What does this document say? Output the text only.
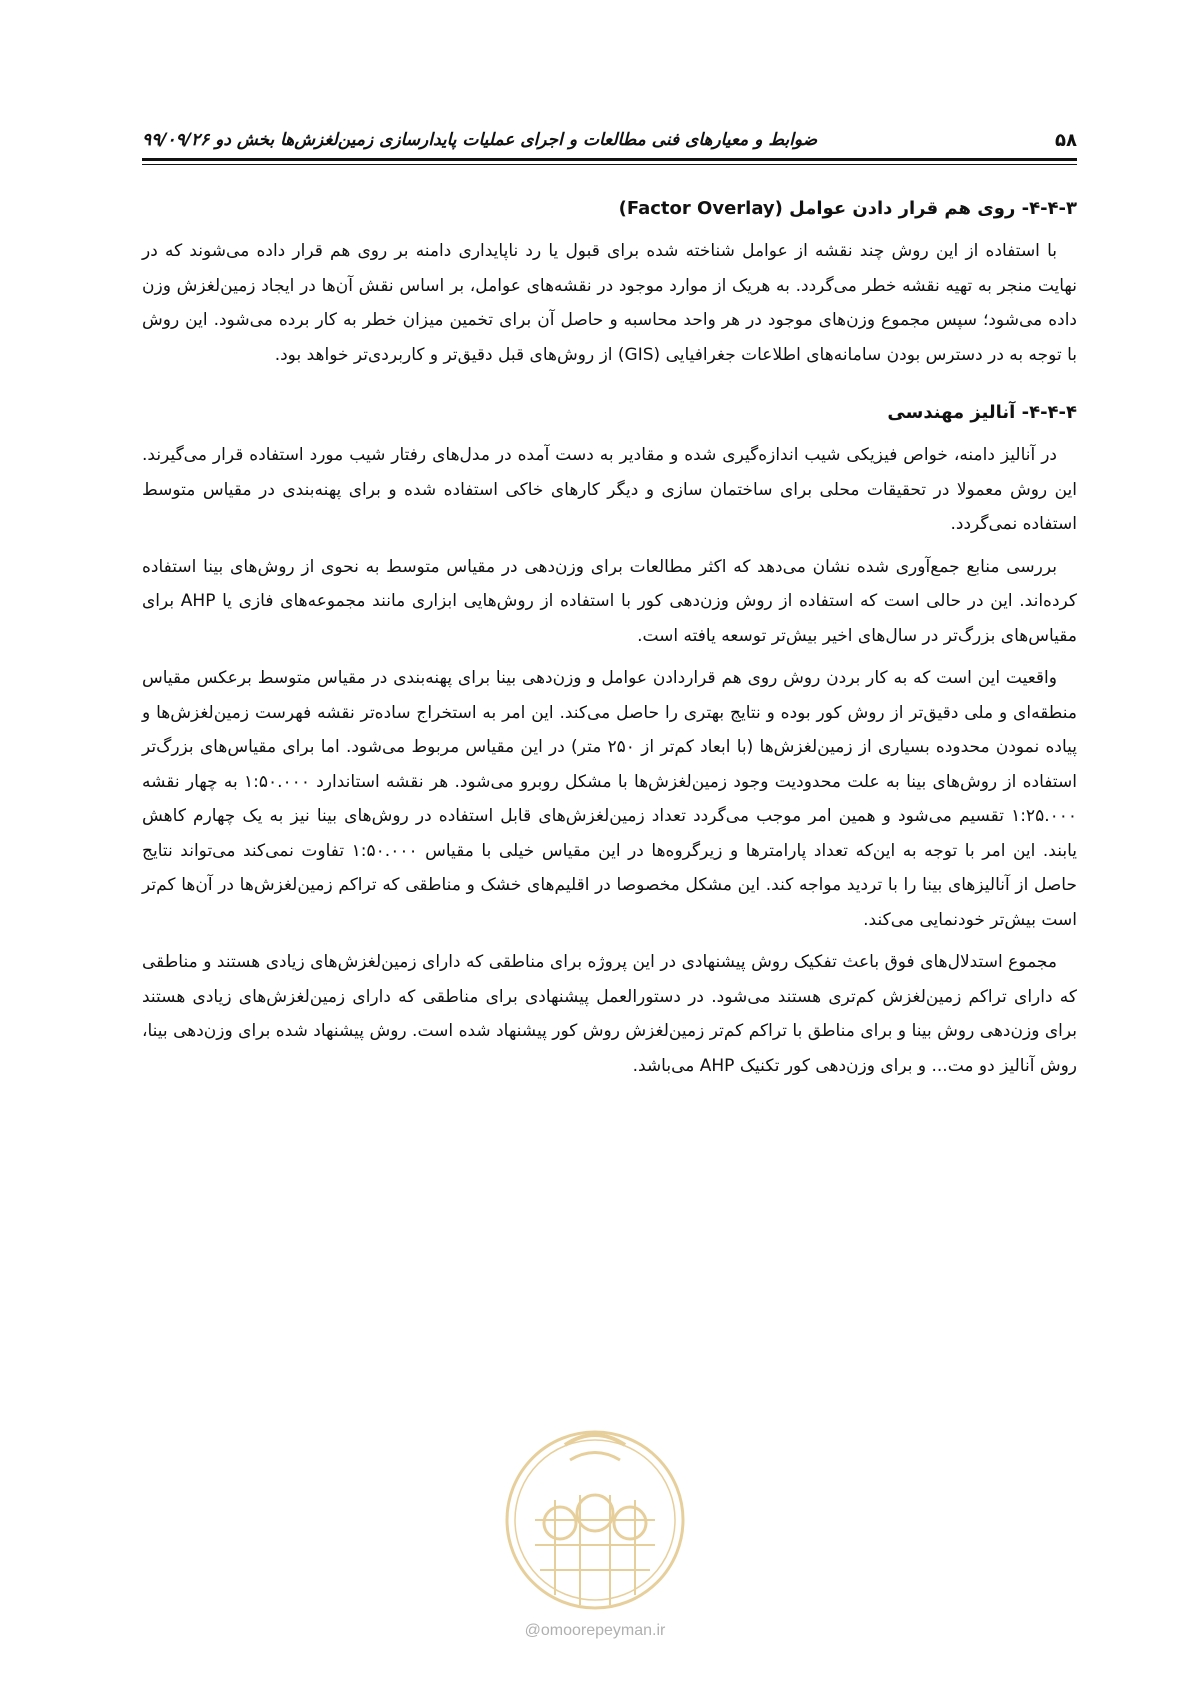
۵۸
ضوابط و معیارهای فنی مطالعات و اجرای عملیات پایدارسازی زمین‌لغزش‌ها بخش دو ۹۹/۰۹/۲۶
۴-۴-۳- روی هم قرار دادن عوامل (Factor Overlay)

با استفاده از این روش چند نقشه از عوامل شناخته شده برای قبول یا رد ناپایداری دامنه بر روی هم قرار داده می‌شوند که در نهایت منجر به تهیه نقشه خطر می‌گردد. به هریک از موارد موجود در نقشه‌های عوامل، بر اساس نقش آن‌ها در ایجاد زمین‌لغزش وزن داده می‌شود؛ سپس مجموع وزن‌های موجود در هر واحد محاسبه و حاصل آن برای تخمین میزان خطر به کار برده می‌شود. این روش با توجه به در دسترس بودن سامانه‌های اطلاعات جغرافیایی (GIS) از روش‌های قبل دقیق‌تر و کاربردی‌تر خواهد بود.

۴-۴-۴- آنالیز مهندسی

در آنالیز دامنه، خواص فیزیکی شیب اندازه‌گیری شده و مقادیر به دست آمده در مدل‌های رفتار شیب مورد استفاده قرار می‌گیرند. این روش معمولا در تحقیقات محلی برای ساختمان سازی و دیگر کارهای خاکی استفاده شده و برای پهنه‌بندی در مقیاس متوسط استفاده نمی‌گردد.

بررسی منابع جمع‌آوری شده نشان می‌دهد که اکثر مطالعات برای وزن‌دهی در مقیاس متوسط به نحوی از روش‌های بینا استفاده کرده‌اند. این در حالی است که استفاده از روش وزن‌دهی کور با استفاده از روش‌هایی ابزاری مانند مجموعه‌های فازی یا AHP برای مقیاس‌های بزرگ‌تر در سال‌های اخیر بیش‌تر توسعه یافته است.

واقعیت این است که به کار بردن روش روی هم قراردادن عوامل و وزن‌دهی بینا برای پهنه‌بندی در مقیاس متوسط برعکس مقیاس منطقه‌ای و ملی دقیق‌تر از روش کور بوده و نتایج بهتری را حاصل می‌کند. این امر به استخراج ساده‌تر نقشه فهرست زمین‌لغزش‌ها و پیاده نمودن محدوده بسیاری از زمین‌لغزش‌ها (با ابعاد کم‌تر از ۲۵۰ متر) در این مقیاس مربوط می‌شود. اما برای مقیاس‌های بزرگ‌تر استفاده از روش‌های بینا به علت محدودیت وجود زمین‌لغزش‌ها با مشکل روبرو می‌شود. هر نقشه استاندارد ۱:۵۰.۰۰۰ به چهار نقشه ۱:۲۵.۰۰۰ تقسیم می‌شود و همین امر موجب می‌گردد تعداد زمین‌لغزش‌های قابل استفاده در روش‌های بینا نیز به یک چهارم کاهش یابند. این امر با توجه به این‌که تعداد پارامترها و زیرگروه‌ها در این مقیاس خیلی با مقیاس ۱:۵۰.۰۰۰ تفاوت نمی‌کند می‌تواند نتایج حاصل از آنالیزهای بینا را با تردید مواجه کند. این مشکل مخصوصا در اقلیم‌های خشک و مناطقی که تراکم زمین‌لغزش‌ها در آن‌ها کم‌تر است بیش‌تر خودنمایی می‌کند.

مجموع استدلال‌های فوق باعث تفکیک روش پیشنهادی در این پروژه برای مناطقی که دارای زمین‌لغزش‌های زیادی هستند و مناطقی که دارای تراکم زمین‌لغزش کم‌تری هستند می‌شود. در دستورالعمل پیشنهادی برای مناطقی که دارای زمین‌لغزش‌های زیادی هستند برای وزن‌دهی روش بینا و برای مناطق با تراکم کم‌تر زمین‌لغزش روش کور پیشنهاد شده است. روش پیشنهاد شده برای وزن‌دهی بینا، روش آنالیز دو مت... و برای وزن‌دهی کور تکنیک AHP می‌باشد.

@omoorepeyman.ir
